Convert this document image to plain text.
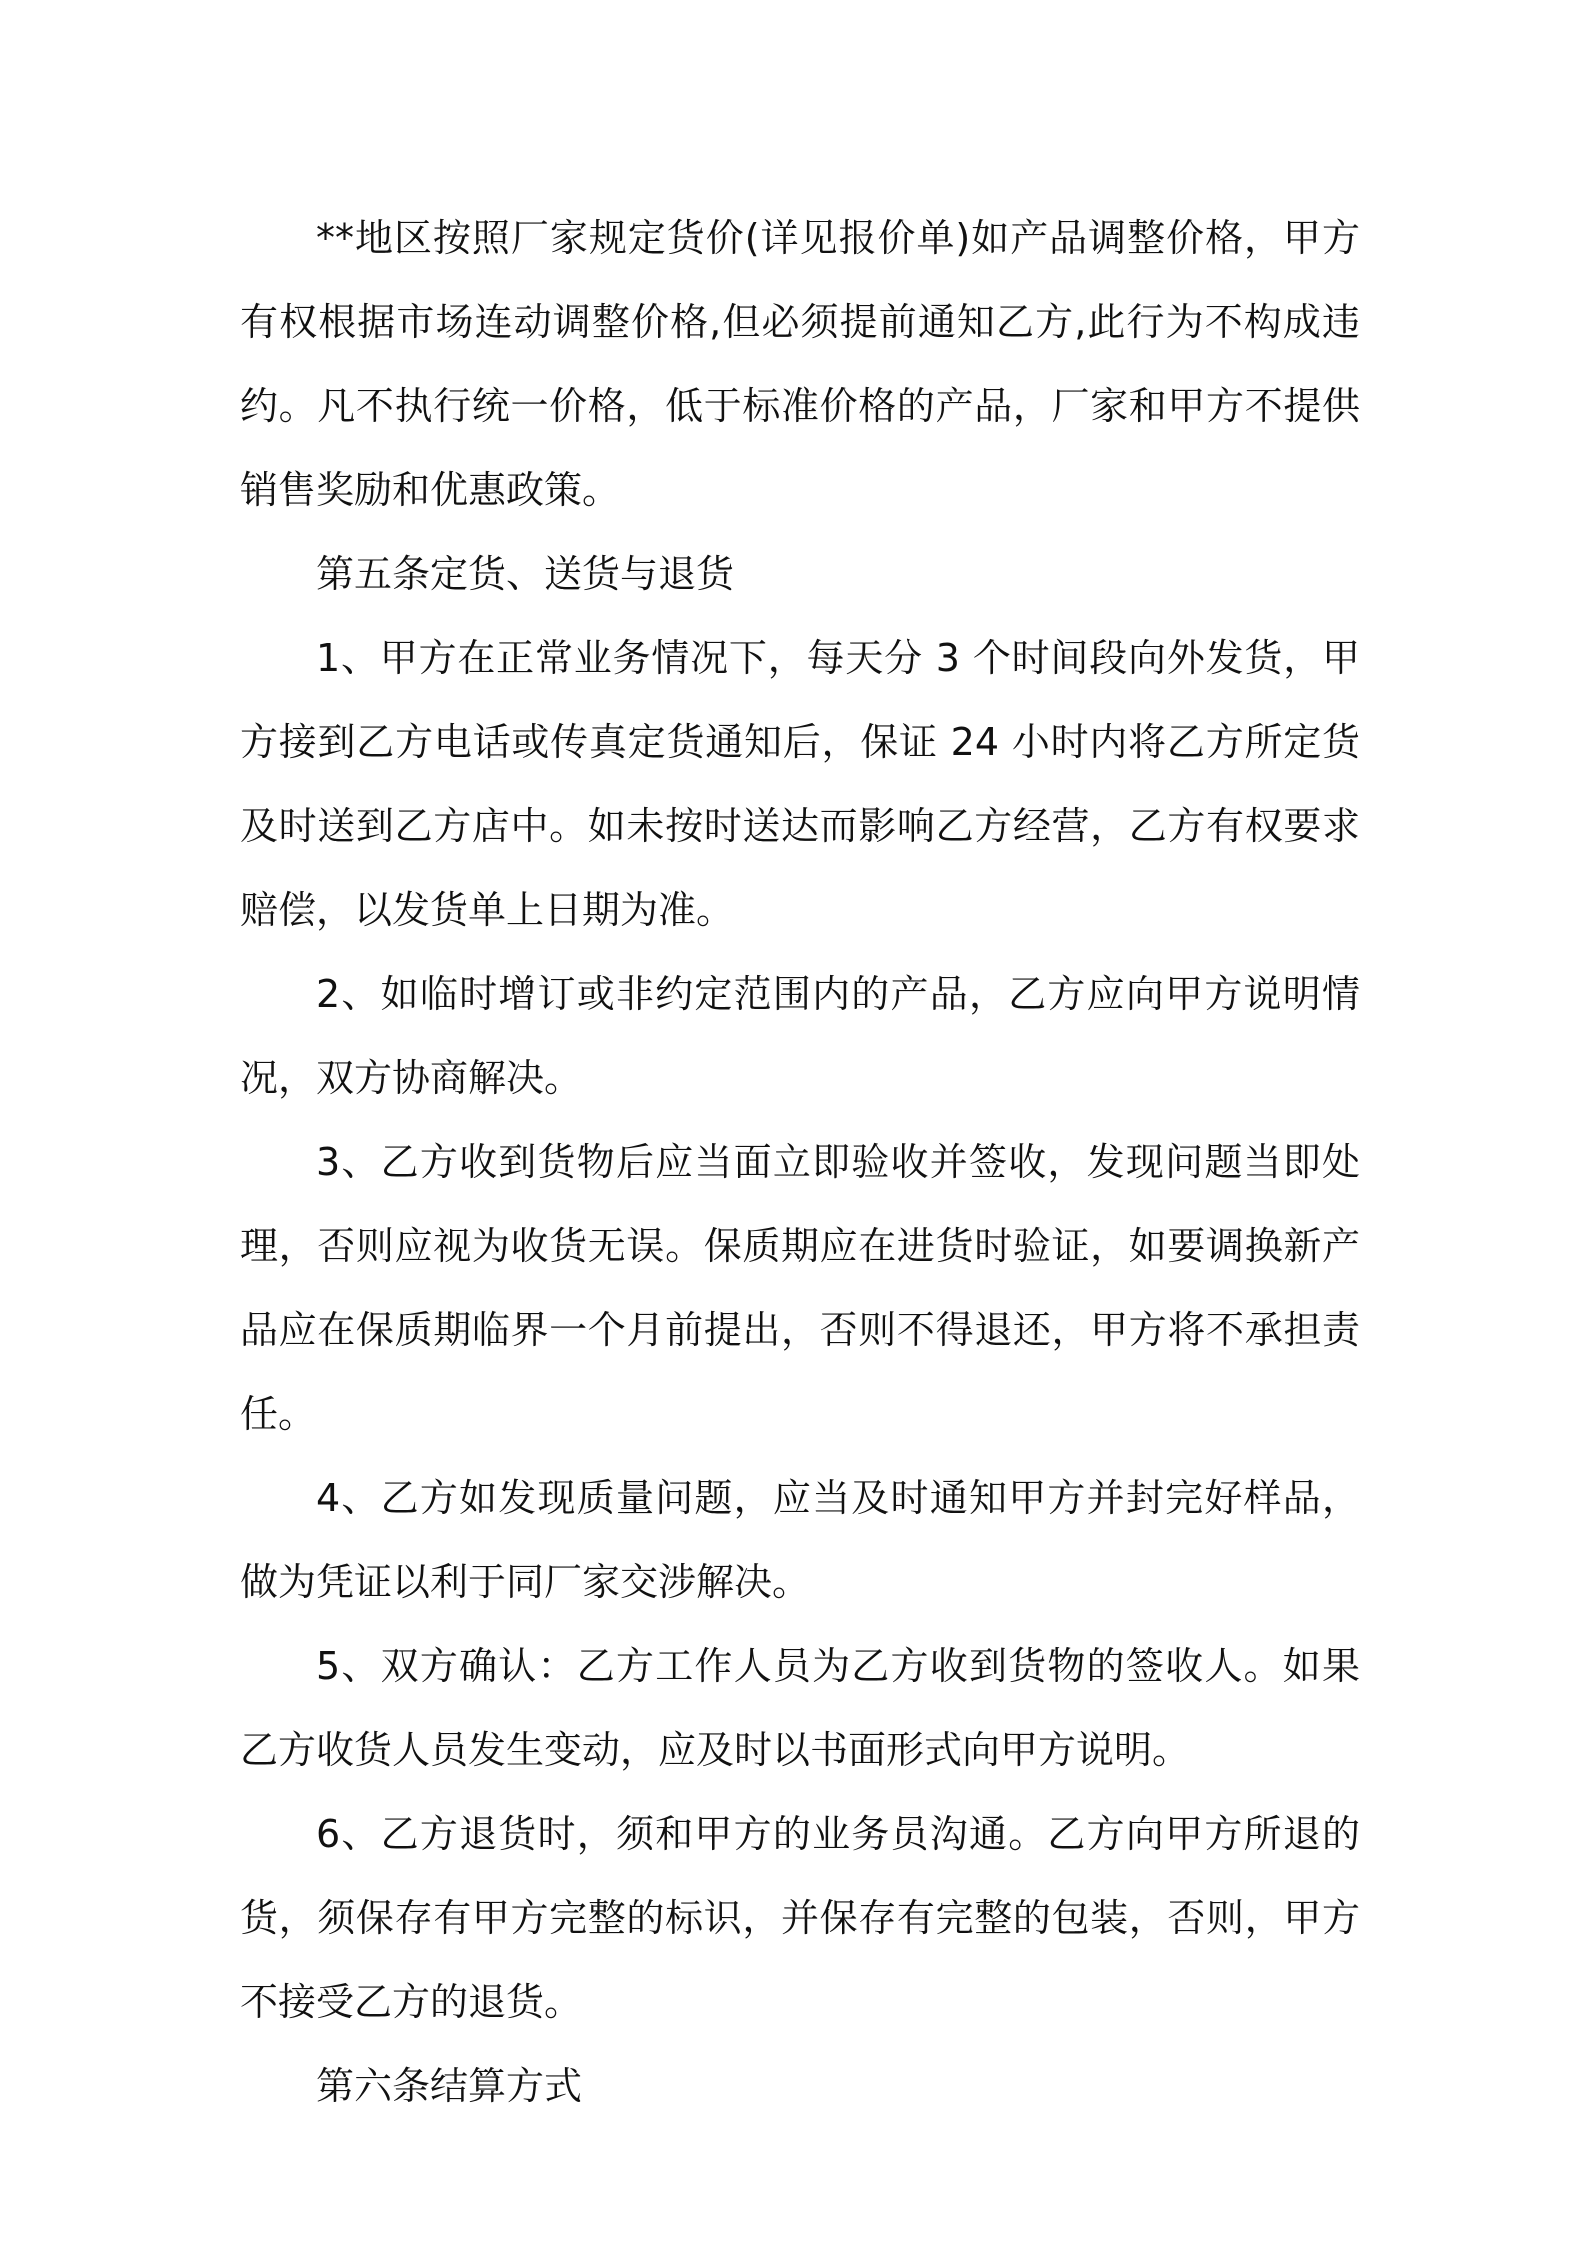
**地区按照厂家规定货价(详见报价单)如产品调整价格，甲方有权根据市场连动调整价格,但必须提前通知乙方,此行为不构成违约。凡不执行统一价格，低于标准价格的产品，厂家和甲方不提供销售奖励和优惠政策。

第五条定货、送货与退货

1、甲方在正常业务情况下，每天分 3 个时间段向外发货，甲方接到乙方电话或传真定货通知后，保证 24 小时内将乙方所定货及时送到乙方店中。如未按时送达而影响乙方经营，乙方有权要求赔偿，以发货单上日期为准。

2、如临时增订或非约定范围内的产品，乙方应向甲方说明情况，双方协商解决。

3、乙方收到货物后应当面立即验收并签收，发现问题当即处理，否则应视为收货无误。保质期应在进货时验证，如要调换新产品应在保质期临界一个月前提出，否则不得退还，甲方将不承担责任。

4、乙方如发现质量问题，应当及时通知甲方并封完好样品，做为凭证以利于同厂家交涉解决。

5、双方确认：乙方工作人员为乙方收到货物的签收人。如果乙方收货人员发生变动，应及时以书面形式向甲方说明。

6、乙方退货时，须和甲方的业务员沟通。乙方向甲方所退的货，须保存有甲方完整的标识，并保存有完整的包装，否则，甲方不接受乙方的退货。

第六条结算方式
